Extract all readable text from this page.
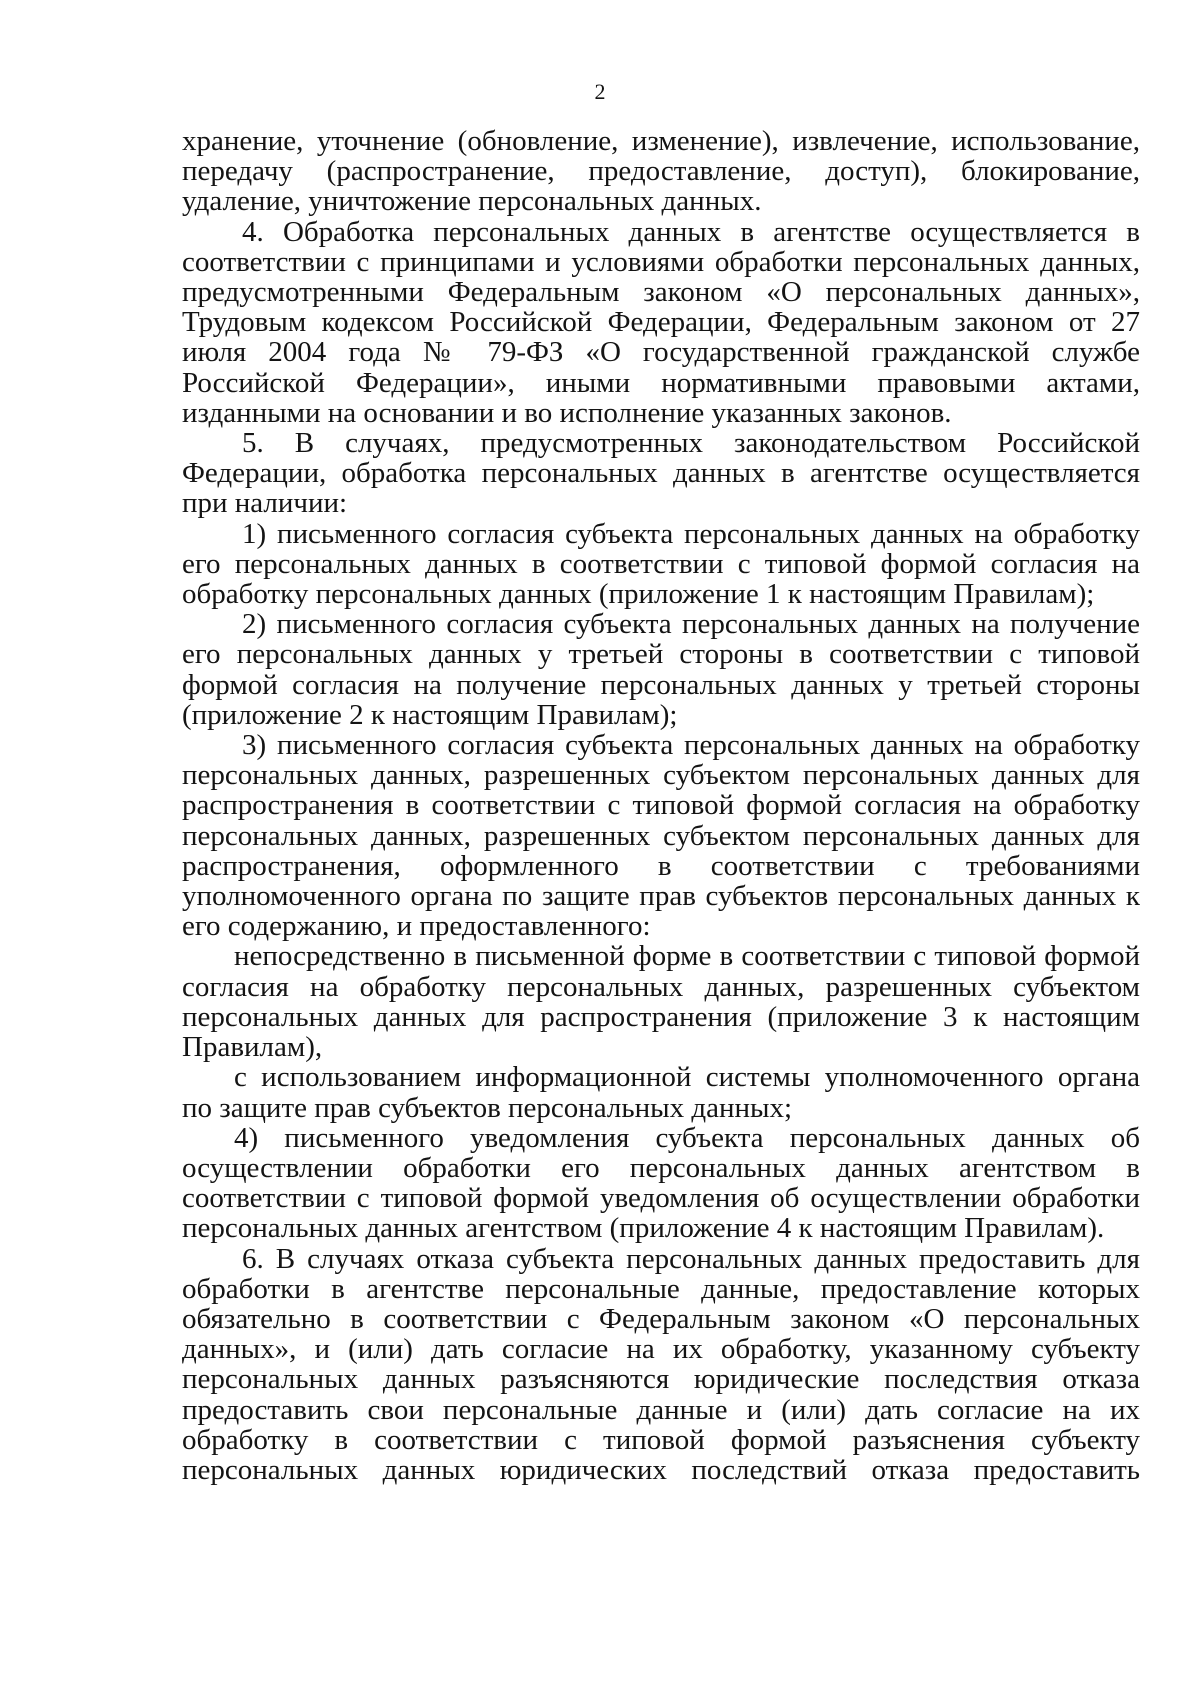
2

хранение, уточнение (обновление, изменение), извлечение, использование, передачу (распространение, предоставление, доступ), блокирование, удаление, уничтожение персональных данных.

4. Обработка персональных данных в агентстве осуществляется в соответствии с принципами и условиями обработки персональных данных, предусмотренными Федеральным законом «О персональных данных», Трудовым кодексом Российской Федерации, Федеральным законом от 27 июля 2004 года № 79-ФЗ «О государственной гражданской службе Российской Федерации», иными нормативными правовыми актами, изданными на основании и во исполнение указанных законов.

5. В случаях, предусмотренных законодательством Российской Федерации, обработка персональных данных в агентстве осуществляется при наличии:

1) письменного согласия субъекта персональных данных на обработку его персональных данных в соответствии с типовой формой согласия на обработку персональных данных (приложение 1 к настоящим Правилам);

2) письменного согласия субъекта персональных данных на получение его персональных данных у третьей стороны в соответствии с типовой формой согласия на получение персональных данных у третьей стороны (приложение 2 к настоящим Правилам);

3) письменного согласия субъекта персональных данных на обработку персональных данных, разрешенных субъектом персональных данных для распространения в соответствии с типовой формой согласия на обработку персональных данных, разрешенных субъектом персональных данных для распространения, оформленного в соответствии с требованиями уполномоченного органа по защите прав субъектов персональных данных к его содержанию, и предоставленного:

непосредственно в письменной форме в соответствии с типовой формой согласия на обработку персональных данных, разрешенных субъектом персональных данных для распространения (приложение 3 к настоящим Правилам),

с использованием информационной системы уполномоченного органа по защите прав субъектов персональных данных;

4) письменного уведомления субъекта персональных данных об осуществлении обработки его персональных данных агентством в соответствии с типовой формой уведомления об осуществлении обработки персональных данных агентством (приложение 4 к настоящим Правилам).

6. В случаях отказа субъекта персональных данных предоставить для обработки в агентстве персональные данные, предоставление которых обязательно в соответствии с Федеральным законом «О персональных данных», и (или) дать согласие на их обработку, указанному субъекту персональных данных разъясняются юридические последствия отказа предоставить свои персональные данные и (или) дать согласие на их обработку в соответствии с типовой формой разъяснения субъекту персональных данных юридических последствий отказа предоставить
